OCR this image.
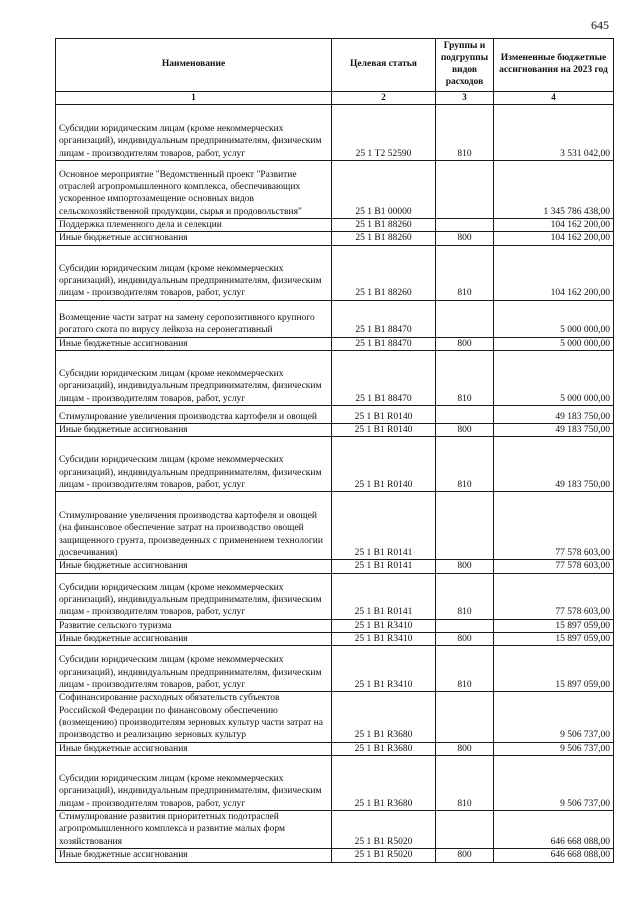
645
Наименование	Целевая статья	Группы и подгруппы видов расходов	Измененные бюджетные ассигнования на 2023 год
1	2	3	4
Субсидии юридическим лицам (кроме некоммерческих организаций), индивидуальным предпринимателям, физическим лицам - производителям товаров, работ, услуг	25 1 Т2 52590	810	3 531 042,00
Основное мероприятие "Ведомственный проект "Развитие отраслей агропромышленного комплекса, обеспечивающих ускоренное импортозамещение основных видов сельскохозяйственной продукции, сырья и продовольствия"	25 1 В1 00000		1 345 786 438,00
Поддержка племенного дела и селекции	25 1 В1 88260		104 162 200,00
Иные бюджетные ассигнования	25 1 В1 88260	800	104 162 200,00
Субсидии юридическим лицам (кроме некоммерческих организаций), индивидуальным предпринимателям, физическим лицам - производителям товаров, работ, услуг	25 1 В1 88260	810	104 162 200,00
Возмещение части затрат на замену серопозитивного крупного рогатого скота по вирусу лейкоза на серонегативный	25 1 В1 88470		5 000 000,00
Иные бюджетные ассигнования	25 1 В1 88470	800	5 000 000,00
Субсидии юридическим лицам (кроме некоммерческих организаций), индивидуальным предпринимателям, физическим лицам - производителям товаров, работ, услуг	25 1 В1 88470	810	5 000 000,00
Стимулирование увеличения производства картофеля и овощей	25 1 В1 R0140		49 183 750,00
Иные бюджетные ассигнования	25 1 В1 R0140	800	49 183 750,00
Субсидии юридическим лицам (кроме некоммерческих организаций), индивидуальным предпринимателям, физическим лицам - производителям товаров, работ, услуг	25 1 В1 R0140	810	49 183 750,00
Стимулирование увеличения производства картофеля и овощей (на финансовое обеспечение затрат на производство овощей защищенного грунта, произведенных с применением технологии досвечивания)	25 1 В1 R0141		77 578 603,00
Иные бюджетные ассигнования	25 1 В1 R0141	800	77 578 603,00
Субсидии юридическим лицам (кроме некоммерческих организаций), индивидуальным предпринимателям, физическим лицам - производителям товаров, работ, услуг	25 1 В1 R0141	810	77 578 603,00
Развитие сельского туризма	25 1 В1 R3410		15 897 059,00
Иные бюджетные ассигнования	25 1 В1 R3410	800	15 897 059,00
Субсидии юридическим лицам (кроме некоммерческих организаций), индивидуальным предпринимателям, физическим лицам - производителям товаров, работ, услуг	25 1 В1 R3410	810	15 897 059,00
Софинансирование расходных обязательств субъектов Российской Федерации по финансовому обеспечению (возмещению) производителям зерновых культур части затрат на производство и реализацию зерновых культур	25 1 В1 R3680		9 506 737,00
Иные бюджетные ассигнования	25 1 В1 R3680	800	9 506 737,00
Субсидии юридическим лицам (кроме некоммерческих организаций), индивидуальным предпринимателям, физическим лицам - производителям товаров, работ, услуг	25 1 В1 R3680	810	9 506 737,00
Стимулирование развития приоритетных подотраслей агропромышленного комплекса и развитие малых форм хозяйствования	25 1 В1 R5020		646 668 088,00
Иные бюджетные ассигнования	25 1 В1 R5020	800	646 668 088,00
